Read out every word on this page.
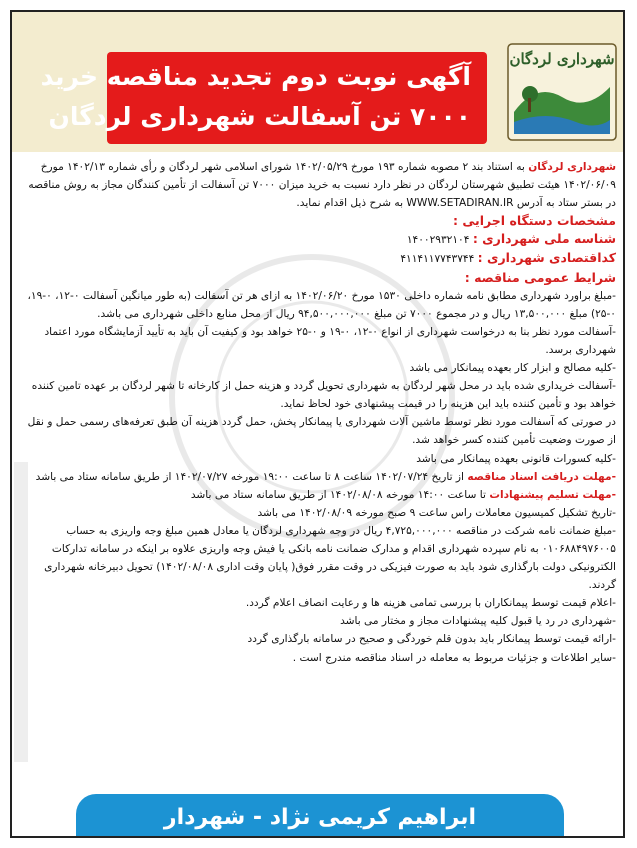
آگهی نوبت دوم تجدید مناقصه خرید
۷۰۰۰ تن آسفالت شهرداری لردگان
شهرداری لردگان

شهرداری لردگان به استناد بند ۲ مصوبه شماره ۱۹۳ مورخ ۱۴۰۲/۰۵/۲۹ شورای اسلامی شهر لردگان و رأی شماره ۱۴۰۲/۱۳ مورخ ۱۴۰۲/۰۶/۰۹ هیئت تطبیق شهرستان لردگان در نظر دارد نسبت به خرید میزان ۷۰۰۰ تن آسفالت از تأمین کنندگان مجاز به روش مناقصه در بستر ستاد به آدرس WWW.SETADIRAN.IR به شرح ذیل اقدام نماید.

مشخصات دستگاه اجرایی :

شناسه ملی شهرداری : ۱۴۰۰۲۹۳۲۱۰۴

کداقتصادی شهرداری : ۴۱۱۴۱۱۷۷۴۳۷۴۴

شرایط عمومی مناقصه :

-مبلغ براورد شهرداری مطابق نامه شماره داخلی ۱۵۳۰ مورخ ۱۴۰۲/۰۶/۲۰ به ازای هر تن آسفالت (به طور میانگین آسفالت ۰-۱۲، ۰-۱۹، ۰-۲۵) مبلغ ۱۳,۵۰۰,۰۰۰ ریال و در مجموع ۷۰۰۰ تن مبلغ ۹۴,۵۰۰,۰۰۰,۰۰۰ ریال از محل منابع داخلی شهرداری می باشد.

-آسفالت مورد نظر بنا به درخواست شهرداری از انواع ۰-۱۲، ۰-۱۹ و ۰-۲۵ خواهد بود و کیفیت آن باید به تأیید آزمایشگاه مورد اعتماد شهرداری برسد.

-کلیه مصالح و ابزار کار بعهده پیمانکار می باشد

-آسفالت خریداری شده باید در محل شهر لردگان به شهرداری تحویل گردد و هزینه حمل از کارخانه تا شهر لردگان بر عهده تامین کننده خواهد بود و تأمین کننده باید این هزینه را در قیمت پیشنهادی خود لحاظ نماید.

در صورتی که آسفالت مورد نظر توسط ماشین آلات شهرداری یا پیمانکار پخش، حمل گردد هزینه آن طبق تعرفه‌های رسمی حمل و نقل از صورت وضعیت تأمین کننده کسر خواهد شد.

-کلیه کسورات قانونی بعهده پیمانکار می باشد

-مهلت دریافت اسناد مناقصه از تاریخ ۱۴۰۲/۰۷/۲۴ ساعت ۸ تا ساعت ۱۹:۰۰ مورخه ۱۴۰۲/۰۷/۲۷ از طریق سامانه ستاد می باشد

-مهلت تسلیم پیشنهادات تا ساعت ۱۴:۰۰ مورخه ۱۴۰۲/۰۸/۰۸ از طریق سامانه ستاد می باشد

-تاریخ تشکیل کمیسیون معاملات راس ساعت ۹ صبح مورخه ۱۴۰۲/۰۸/۰۹ می باشد

-مبلغ ضمانت نامه شرکت در مناقصه ۴,۷۲۵,۰۰۰,۰۰۰ ریال در وجه شهرداری لردگان یا معادل همین مبلغ وجه واریزی به حساب ۰۱۰۶۸۸۴۹۷۶۰۰۵ به نام سپرده شهرداری اقدام و مدارک ضمانت نامه بانکی یا فیش وجه واریزی علاوه بر اینکه در سامانه تدارکات الکترونیکی دولت بارگذاری شود باید به صورت فیزیکی در وقت مقرر فوق( پایان وقت اداری ۱۴۰۲/۰۸/۰۸) تحویل دبیرخانه شهرداری گردند.

-اعلام قیمت توسط پیمانکاران با بررسی تمامی هزینه ها و رعایت انصاف اعلام گردد.

-شهرداری در رد یا قبول کلیه پیشنهادات مجاز و مختار می باشد

-ارائه قیمت توسط پیمانکار باید بدون قلم خوردگی و صحیح در سامانه بارگذاری گردد

-سایر اطلاعات و جزئیات مربوط به معامله در اسناد مناقصه مندرج است .

ابراهیم کریمی نژاد - شهردار
